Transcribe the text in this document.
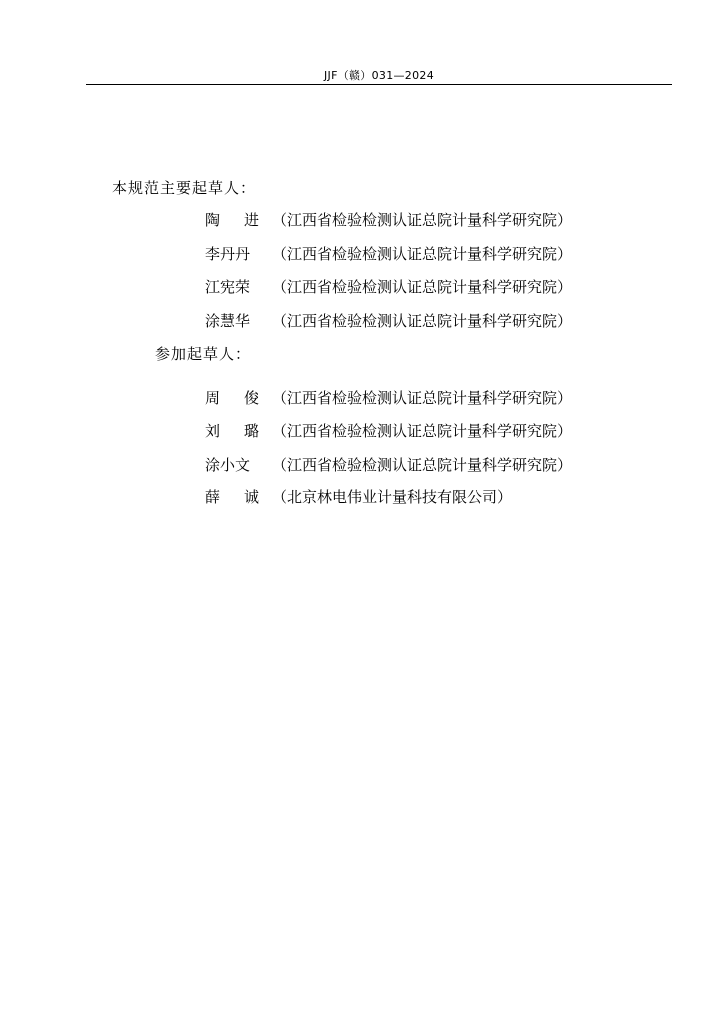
JJF（赣）031—2024
本规范主要起草人：
陶 进 （江西省检验检测认证总院计量科学研究院）
李丹丹 （江西省检验检测认证总院计量科学研究院）
江宪荣 （江西省检验检测认证总院计量科学研究院）
涂慧华 （江西省检验检测认证总院计量科学研究院）
参加起草人：
周 俊 （江西省检验检测认证总院计量科学研究院）
刘 璐 （江西省检验检测认证总院计量科学研究院）
涂小文 （江西省检验检测认证总院计量科学研究院）
薛 诚 （北京林电伟业计量科技有限公司）
